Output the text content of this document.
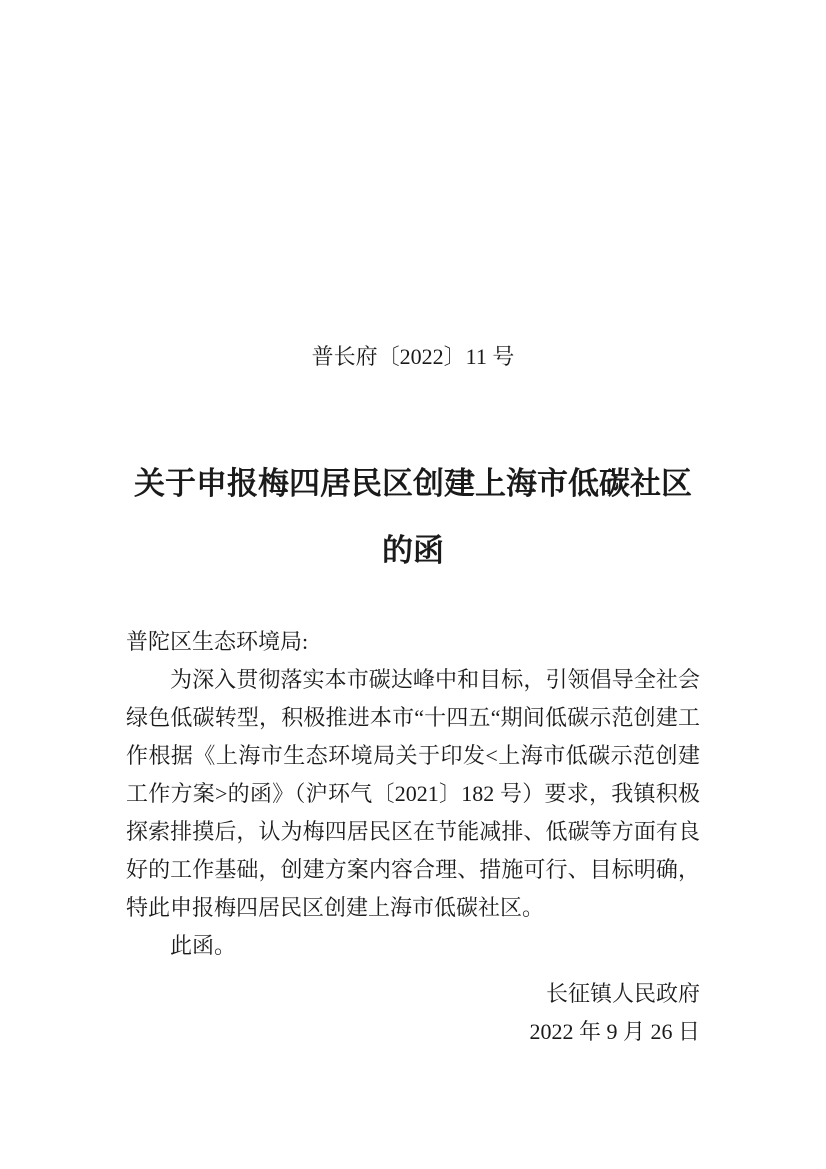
普长府〔2022〕11 号
关于申报梅四居民区创建上海市低碳社区
的函

普陀区生态环境局:

为深入贯彻落实本市碳达峰中和目标，引领倡导全社会绿色低碳转型，积极推进本市“十四五“期间低碳示范创建工作根据《上海市生态环境局关于印发<上海市低碳示范创建工作方案>的函》（沪环气〔2021〕182 号）要求，我镇积极探索排摸后，认为梅四居民区在节能减排、低碳等方面有良好的工作基础，创建方案内容合理、措施可行、目标明确，特此申报梅四居民区创建上海市低碳社区。

此函。

长征镇人民政府
2022 年 9 月 26 日
